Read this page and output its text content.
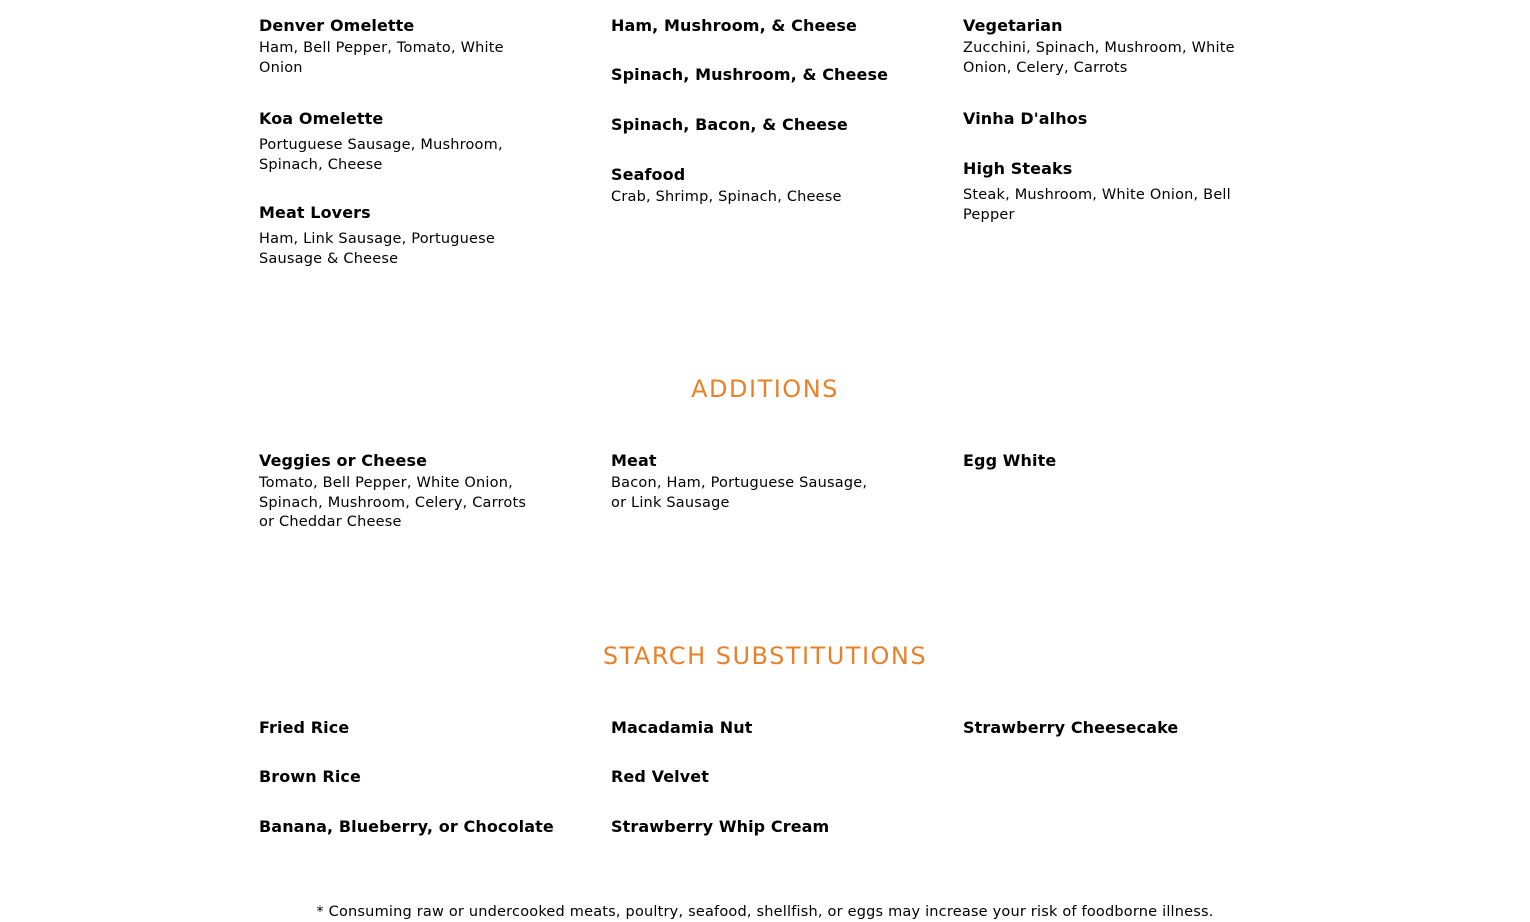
Denver Omelette
Ham, Bell Pepper, Tomato, White Onion
Koa Omelette
Portuguese Sausage, Mushroom, Spinach, Cheese
Meat Lovers
Ham, Link Sausage, Portuguese Sausage & Cheese
Ham, Mushroom, & Cheese
Spinach, Mushroom, & Cheese
Spinach, Bacon, & Cheese
Seafood
Crab, Shrimp, Spinach, Cheese
Vegetarian
Zucchini, Spinach, Mushroom, White Onion, Celery, Carrots
Vinha D'alhos
High Steaks
Steak, Mushroom, White Onion, Bell Pepper
ADDITIONS
Veggies or Cheese
Tomato, Bell Pepper, White Onion, Spinach, Mushroom, Celery, Carrots or Cheddar Cheese
Meat
Bacon, Ham, Portuguese Sausage, or Link Sausage
Egg White
STARCH SUBSTITUTIONS
Fried Rice
Brown Rice
Banana, Blueberry, or Chocolate
Macadamia Nut
Red Velvet
Strawberry Whip Cream
Strawberry Cheesecake
* Consuming raw or undercooked meats, poultry, seafood, shellfish, or eggs may increase your risk of foodborne illness.
